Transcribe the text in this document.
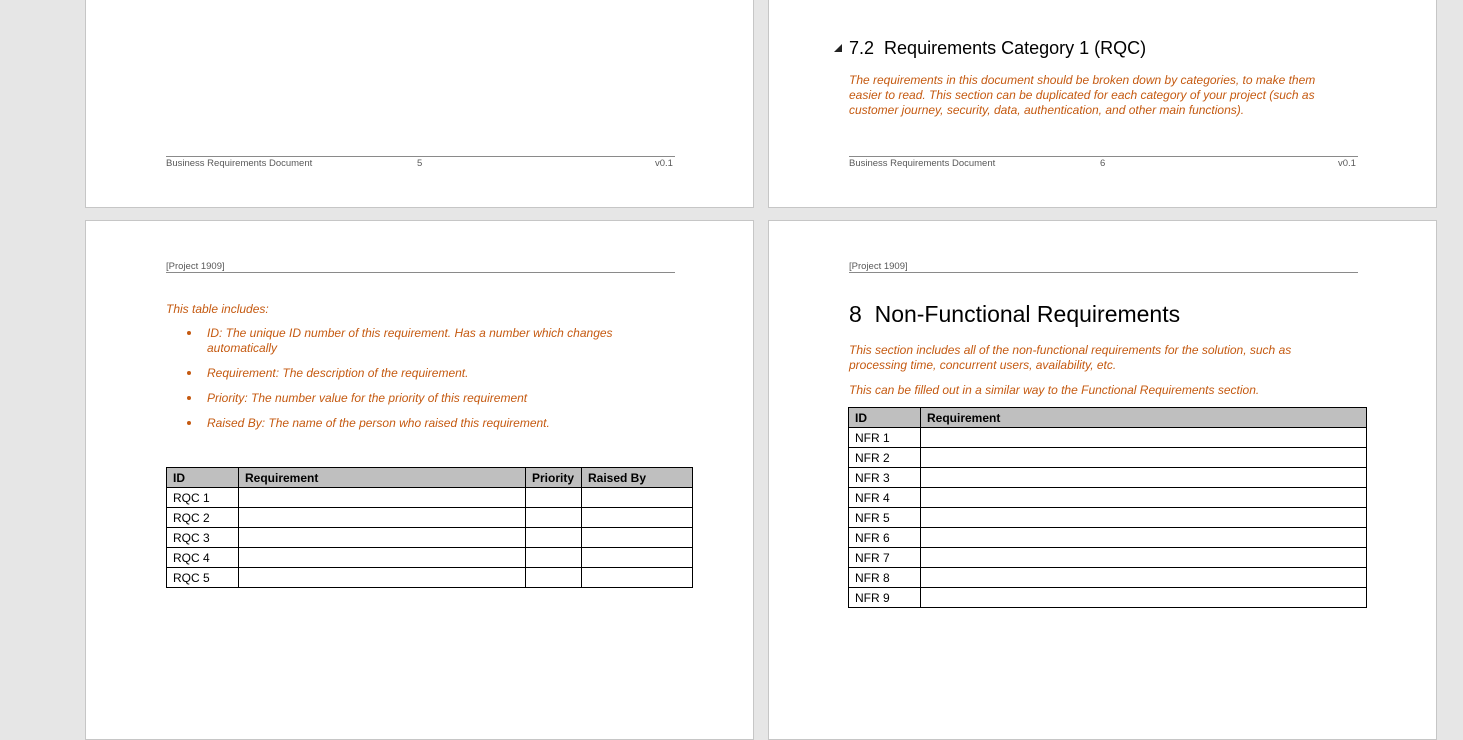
Business Requirements Document	5	v0.1
7.2 Requirements Category 1 (RQC)
The requirements in this document should be broken down by categories, to make them easier to read. This section can be duplicated for each category of your project (such as customer journey, security, data, authentication, and other main functions).
Business Requirements Document	6	v0.1
[Project 1909]
This table includes:
ID: The unique ID number of this requirement. Has a number which changes automatically
Requirement: The description of the requirement.
Priority: The number value for the priority of this requirement
Raised By: The name of the person who raised this requirement.
ID	Requirement	Priority	Raised By
RQC 1			
RQC 2			
RQC 3			
RQC 4			
RQC 5			
[Project 1909]
8 Non-Functional Requirements
This section includes all of the non-functional requirements for the solution, such as processing time, concurrent users, availability, etc.
This can be filled out in a similar way to the Functional Requirements section.
ID	Requirement
NFR 1	
NFR 2	
NFR 3	
NFR 4	
NFR 5	
NFR 6	
NFR 7	
NFR 8	
NFR 9	
